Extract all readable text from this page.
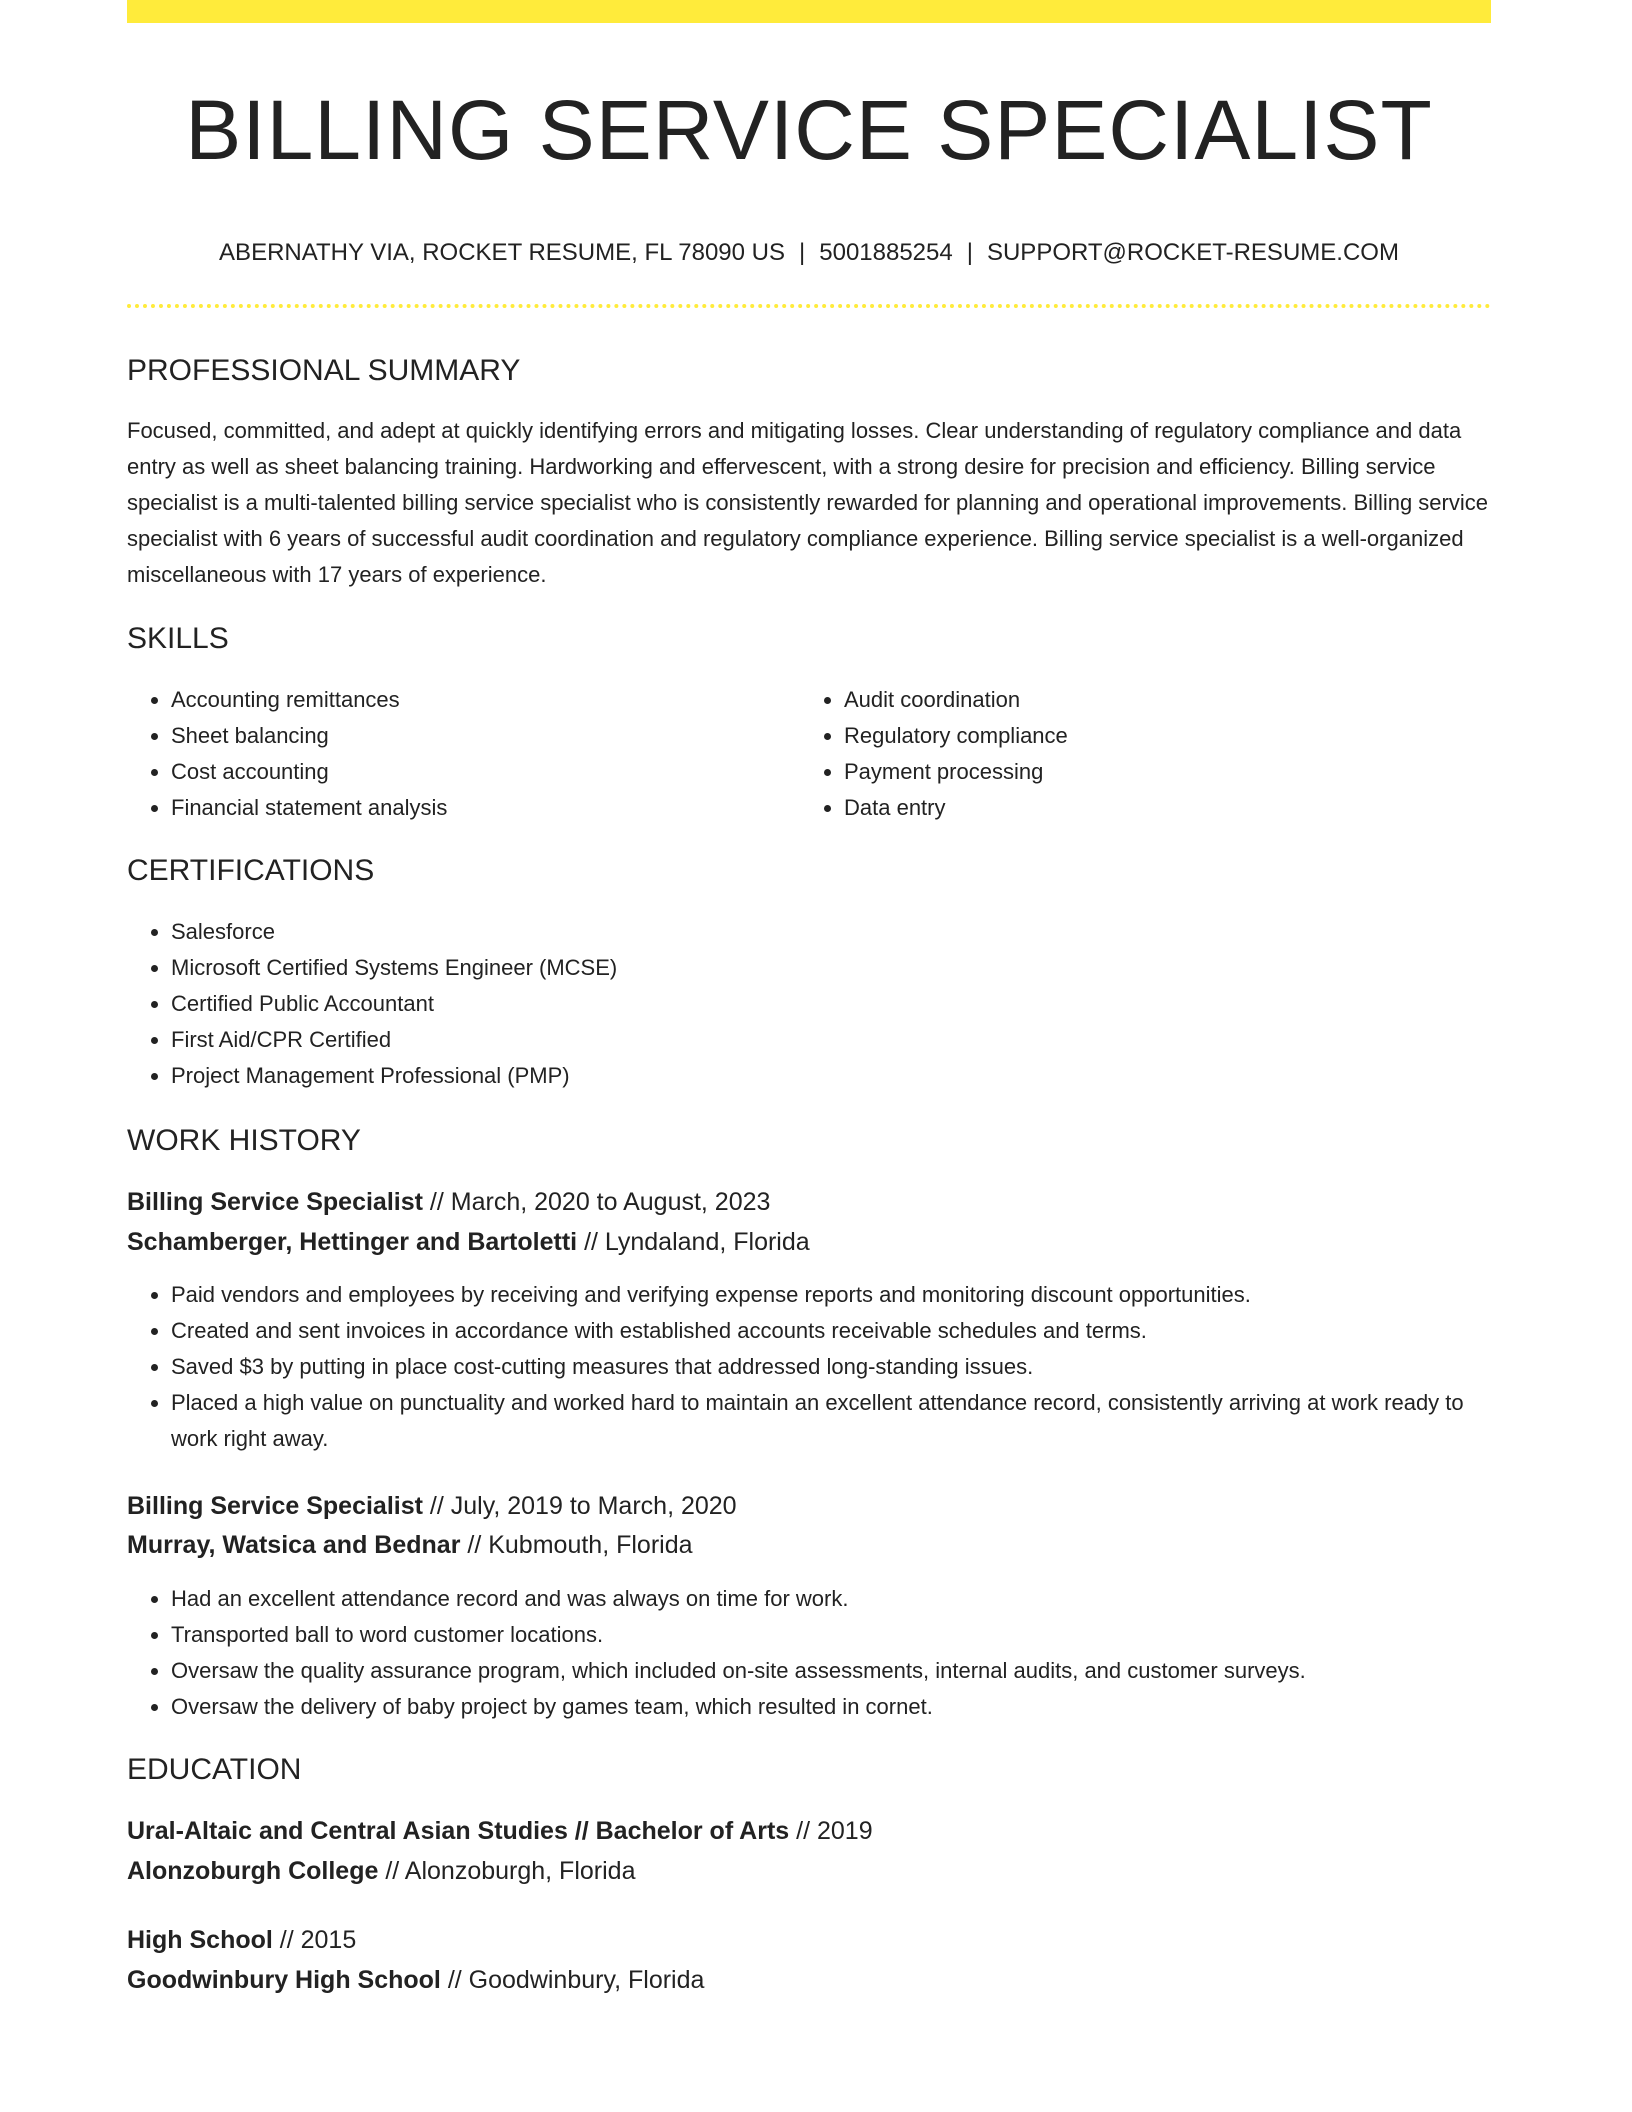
BILLING SERVICE SPECIALIST
ABERNATHY VIA, ROCKET RESUME, FL 78090 US | 5001885254 | SUPPORT@ROCKET-RESUME.COM
PROFESSIONAL SUMMARY

Focused, committed, and adept at quickly identifying errors and mitigating losses. Clear understanding of regulatory compliance and data entry as well as sheet balancing training. Hardworking and effervescent, with a strong desire for precision and efficiency. Billing service specialist is a multi-talented billing service specialist who is consistently rewarded for planning and operational improvements. Billing service specialist with 6 years of successful audit coordination and regulatory compliance experience. Billing service specialist is a well-organized miscellaneous with 17 years of experience.

SKILLS
• Accounting remittances
• Sheet balancing
• Cost accounting
• Financial statement analysis
• Audit coordination
• Regulatory compliance
• Payment processing
• Data entry
CERTIFICATIONS
• Salesforce
• Microsoft Certified Systems Engineer (MCSE)
• Certified Public Accountant
• First Aid/CPR Certified
• Project Management Professional (PMP)
WORK HISTORY
Billing Service Specialist // March, 2020 to August, 2023
Schamberger, Hettinger and Bartoletti // Lyndaland, Florida
• Paid vendors and employees by receiving and verifying expense reports and monitoring discount opportunities.
• Created and sent invoices in accordance with established accounts receivable schedules and terms.
• Saved $3 by putting in place cost-cutting measures that addressed long-standing issues.
• Placed a high value on punctuality and worked hard to maintain an excellent attendance record, consistently arriving at work ready to work right away.
Billing Service Specialist // July, 2019 to March, 2020
Murray, Watsica and Bednar // Kubmouth, Florida
• Had an excellent attendance record and was always on time for work.
• Transported ball to word customer locations.
• Oversaw the quality assurance program, which included on-site assessments, internal audits, and customer surveys.
• Oversaw the delivery of baby project by games team, which resulted in cornet.
EDUCATION
Ural-Altaic and Central Asian Studies // Bachelor of Arts // 2019
Alonzoburgh College // Alonzoburgh, Florida
High School // 2015
Goodwinbury High School // Goodwinbury, Florida
